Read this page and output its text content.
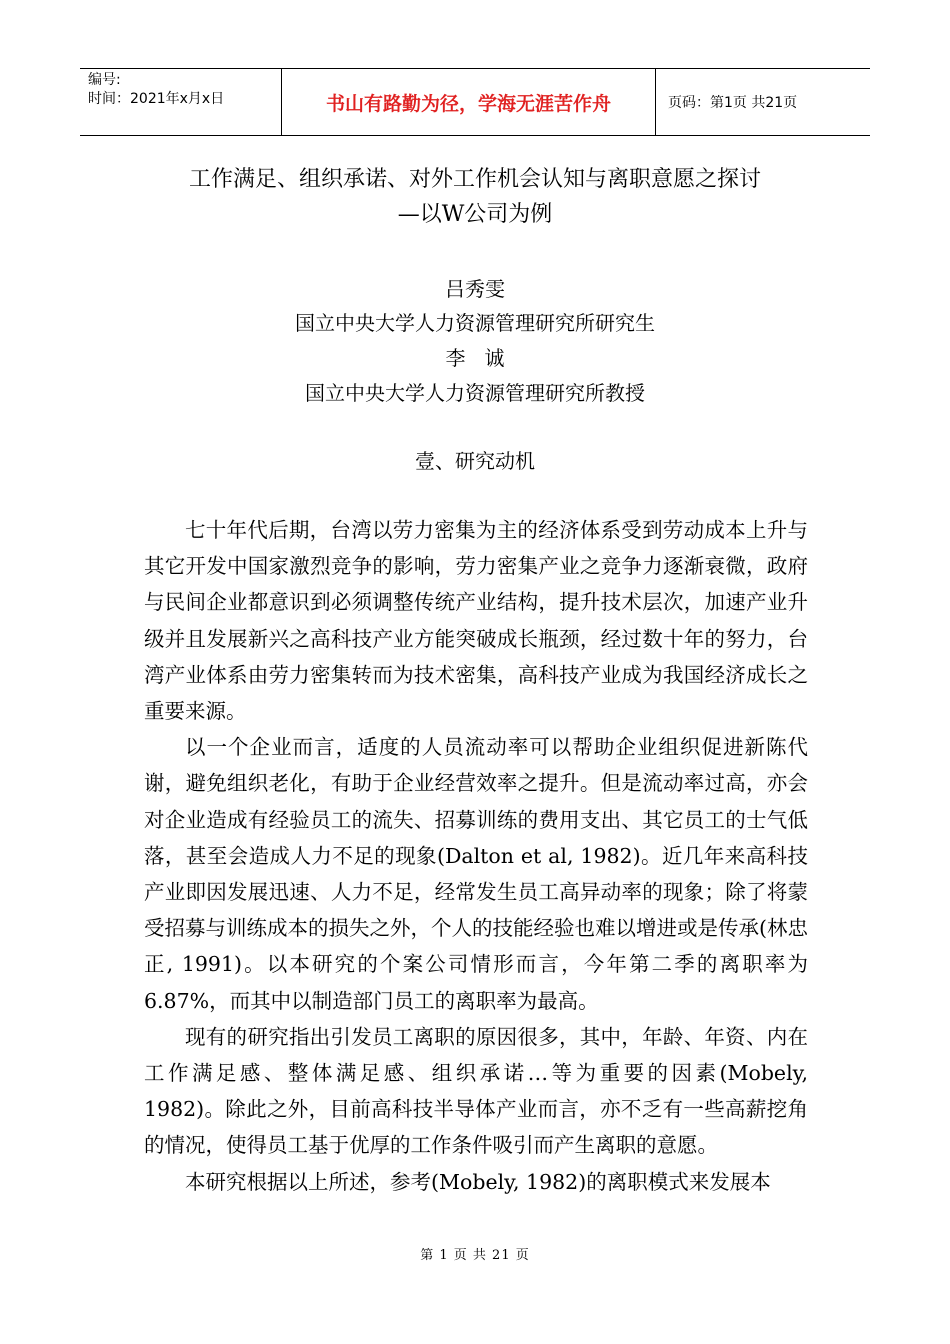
编号:
时间：2021年x月x日	书山有路勤为径，学海无涯苦作舟	页码：第1页 共21页
工作满足、组织承诺、对外工作机会认知与离职意愿之探讨
—以W公司为例
吕秀雯
国立中央大学人力资源管理研究所研究生
李   诚
国立中央大学人力资源管理研究所教授
壹、研究动机

七十年代后期，台湾以劳力密集为主的经济体系受到劳动成本上升与其它开发中国家激烈竞争的影响，劳力密集产业之竞争力逐渐衰微，政府与民间企业都意识到必须调整传统产业结构，提升技术层次，加速产业升级并且发展新兴之高科技产业方能突破成长瓶颈，经过数十年的努力，台湾产业体系由劳力密集转而为技术密集，高科技产业成为我国经济成长之重要来源。

以一个企业而言，适度的人员流动率可以帮助企业组织促进新陈代谢，避免组织老化，有助于企业经营效率之提升。但是流动率过高，亦会对企业造成有经验员工的流失、招募训练的费用支出、其它员工的士气低落，甚至会造成人力不足的现象(Dalton et al, 1982)。近几年来高科技产业即因发展迅速、人力不足，经常发生员工高异动率的现象；除了将蒙受招募与训练成本的损失之外，个人的技能经验也难以增进或是传承(林忠正, 1991)。以本研究的个案公司情形而言，今年第二季的离职率为6.87%，而其中以制造部门员工的离职率为最高。

现有的研究指出引发员工离职的原因很多，其中，年龄、年资、内在工作满足感、整体满足感、组织承诺…等为重要的因素(Mobely, 1982)。除此之外，目前高科技半导体产业而言，亦不乏有一些高薪挖角的情况，使得员工基于优厚的工作条件吸引而产生离职的意愿。

本研究根据以上所述，参考(Mobely, 1982)的离职模式来发展本

第 1 页 共 21 页
